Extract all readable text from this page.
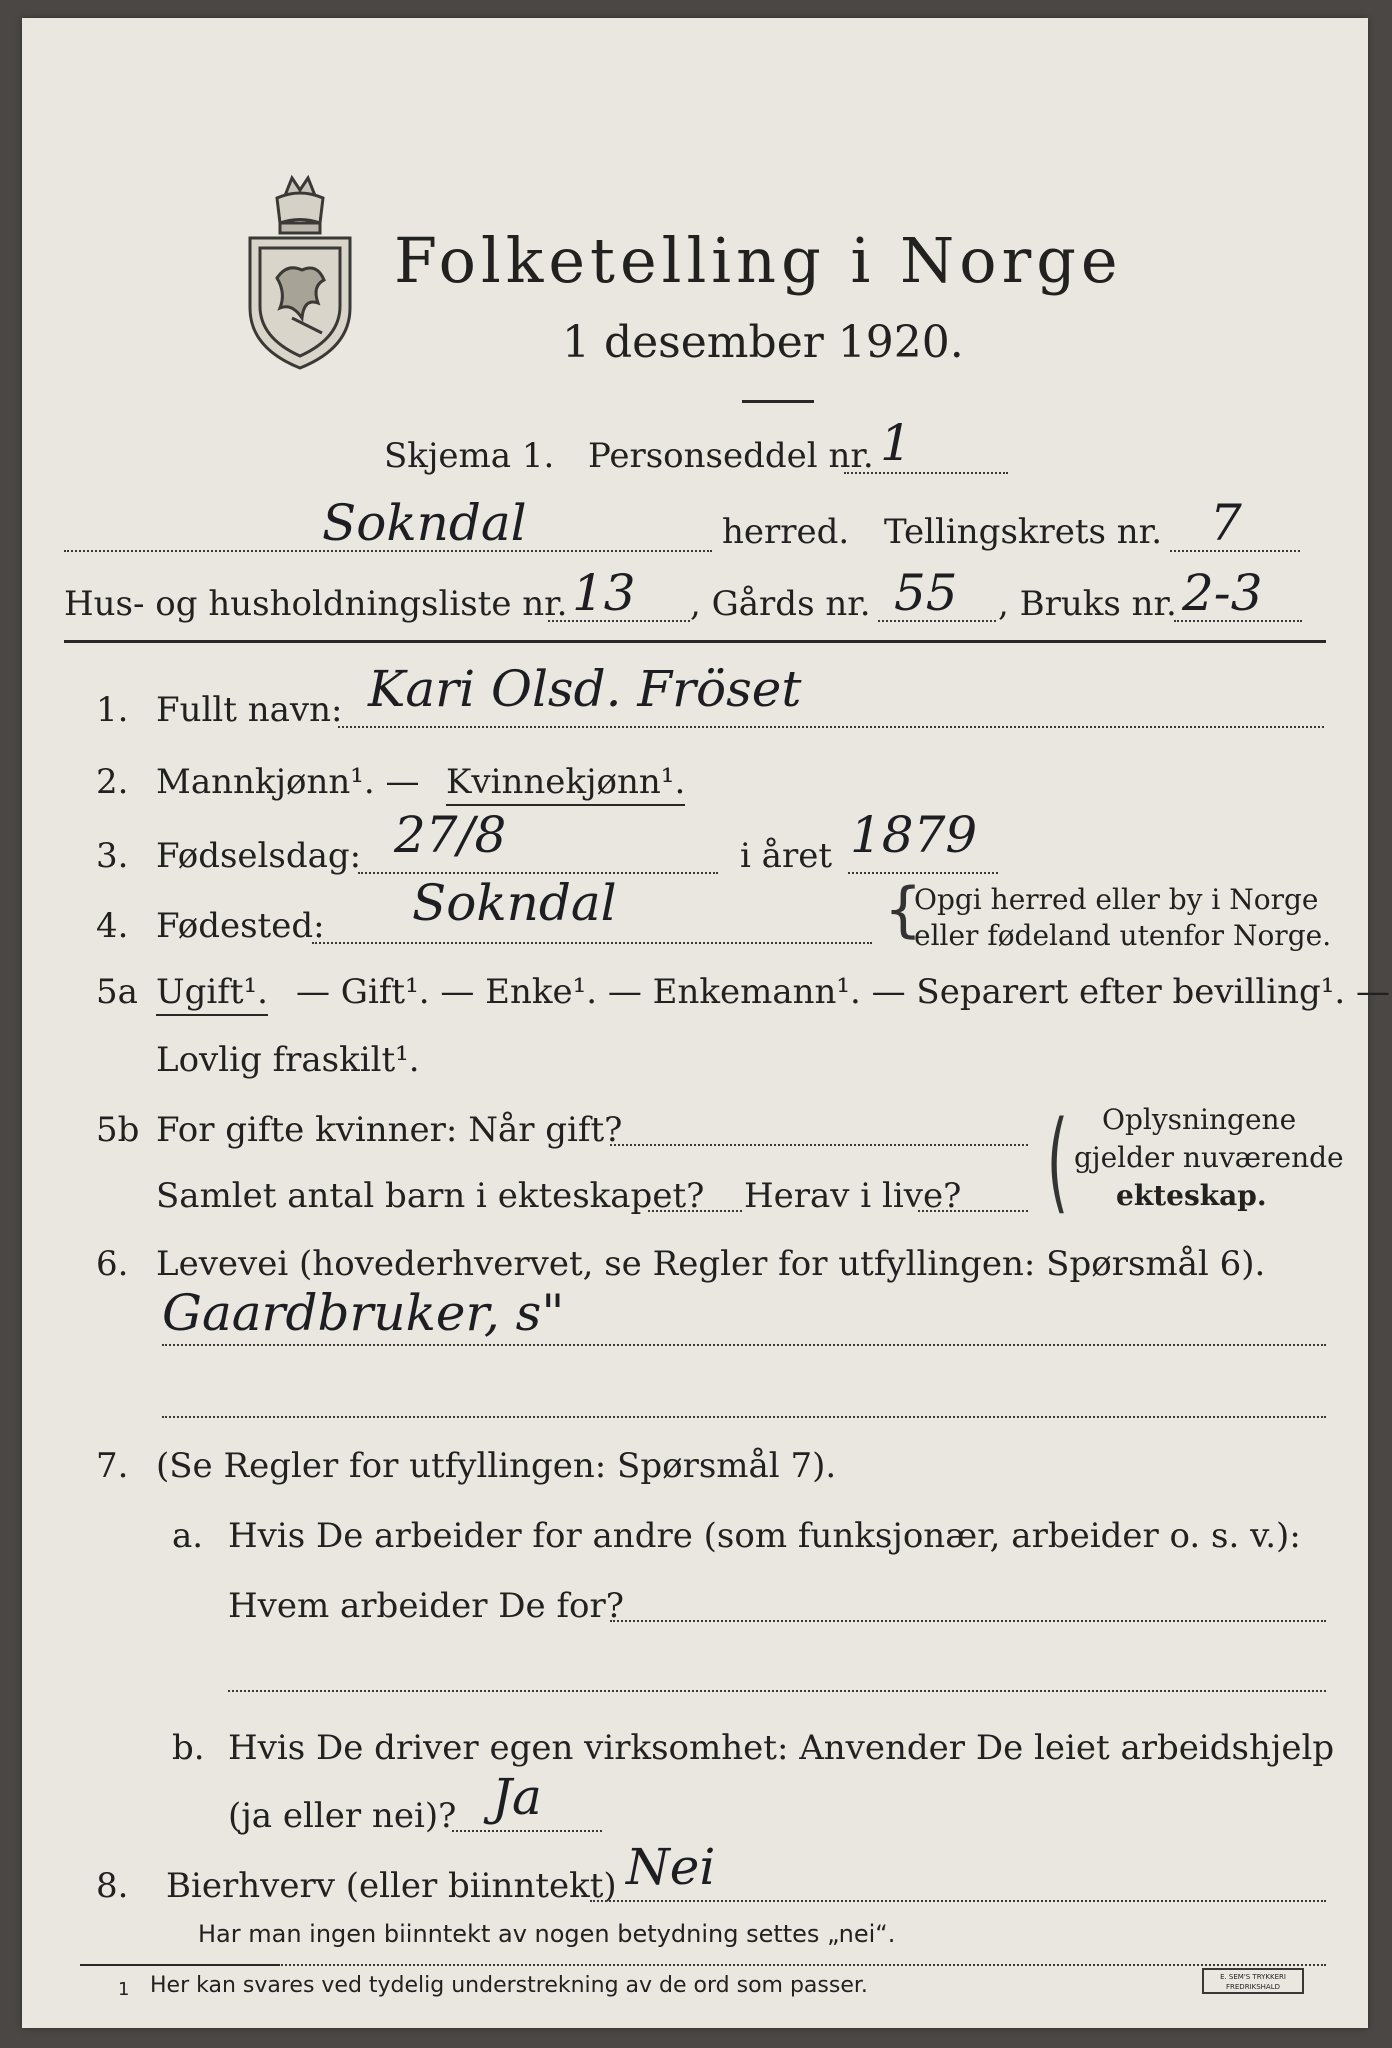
Folketelling i Norge
1 desember 1920.
Skjema 1. Personseddel nr. 1
Sokndal	herred. Tellingskrets nr. 7
Hus- og husholdningsliste nr. 13 , Gårds nr. 55 , Bruks nr. 2-3
1. Fullt navn: Kari Olsd. Fröset
2. Mannkjønn¹. — Kvinnekjønn¹.
3. Fødselsdag: 27/8	i året 1879
4. Fødested: Sokndal	{
Opgi herred eller by i Norge
eller fødeland utenfor Norge.
5a Ugift¹. — Gift¹. — Enke¹. — Enkemann¹. — Separert efter bevilling¹. —
Lovlig fraskilt¹.
5b For gifte kvinner: Når gift?
Samlet antal barn i ekteskapet? Herav i live? ( Oplysningene
gjelder nuværende
ekteskap.
6. Levevei (hovederhvervet, se Regler for utfyllingen: Spørsmål 6).
Gaardbruker, s"
7. (Se Regler for utfyllingen: Spørsmål 7).
a. Hvis De arbeider for andre (som funksjonær, arbeider o. s. v.):
Hvem arbeider De for?
b. Hvis De driver egen virksomhet: Anvender De leiet arbeidshjelp
(ja eller nei)? Ja
8. Bierhverv (eller biinntekt) Nei
Har man ingen biinntekt av nogen betydning settes „nei“.
1 Her kan svares ved tydelig understrekning av de ord som passer.	E. SEM'S TRYKKERI FREDRIKSHALD
